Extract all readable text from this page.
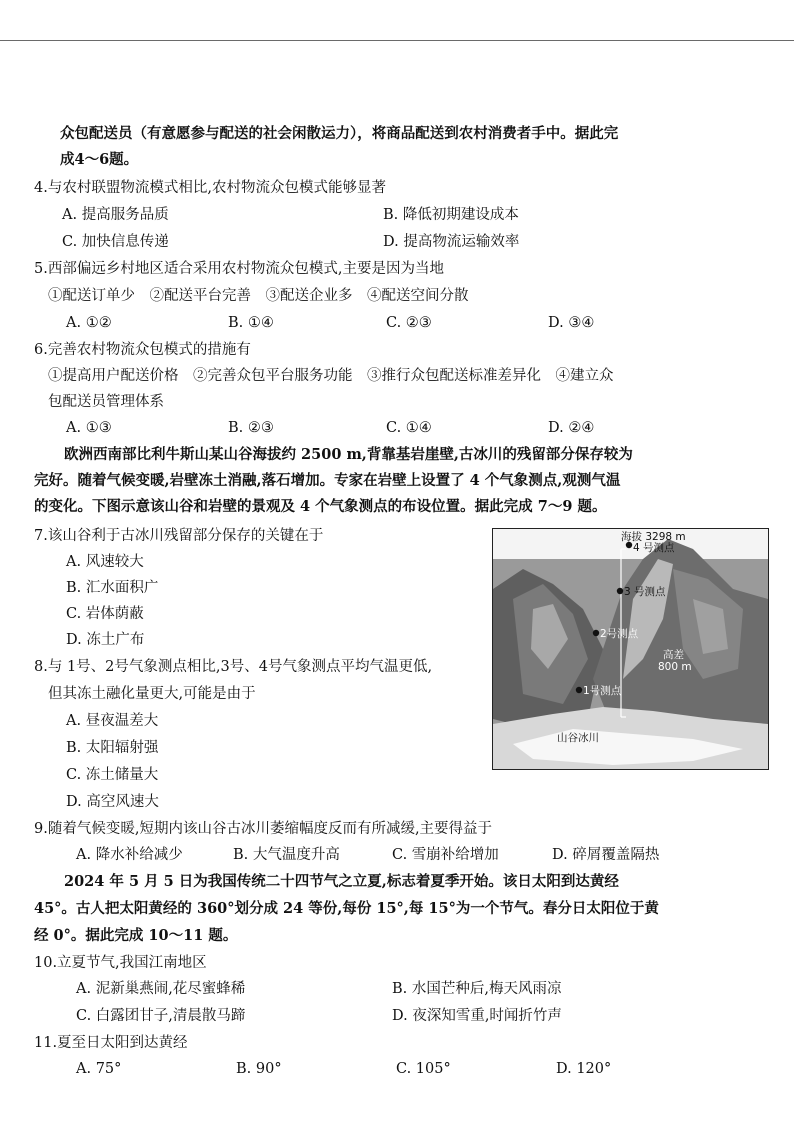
众包配送员（有意愿参与配送的社会闲散运力），将商品配送到农村消费者手中。据此完
成4～6题。
4.与农村联盟物流模式相比,农村物流众包模式能够显著
A. 提高服务品质	B. 降低初期建设成本
C. 加快信息传递	D. 提高物流运输效率
5.西部偏远乡村地区适合采用农村物流众包模式,主要是因为当地
①配送订单少　②配送平台完善　③配送企业多　④配送空间分散
A. ①②	B. ①④	C. ②③	D. ③④
6.完善农村物流众包模式的措施有
①提高用户配送价格　②完善众包平台服务功能　③推行众包配送标准差异化　④建立众
包配送员管理体系
A. ①③	B. ②③	C. ①④	D. ②④
欧洲西南部比利牛斯山某山谷海拔约 2500 m,背靠基岩崖壁,古冰川的残留部分保存较为
完好。随着气候变暖,岩壁冻土消融,落石增加。专家在岩壁上设置了 4 个气象测点,观测气温
的变化。下图示意该山谷和岩壁的景观及 4 个气象测点的布设位置。据此完成 7～9 题。
7.该山谷利于古冰川残留部分保存的关键在于
A. 风速较大
B. 汇水面积广
C. 岩体荫蔽
D. 冻土广布
8.与 1号、2号气象测点相比,3号、4号气象测点平均气温更低,
但其冻土融化量更大,可能是由于
A. 昼夜温差大
B. 太阳辐射强
C. 冻土储量大
D. 高空风速大
海拔 3298 m
4 号测点
3 号测点
2号测点
1号测点
高差
800 m
山谷冰川
9.随着气候变暖,短期内该山谷古冰川萎缩幅度反而有所减缓,主要得益于
A. 降水补给减少	B. 大气温度升高	C. 雪崩补给增加	D. 碎屑覆盖隔热
2024 年 5 月 5 日为我国传统二十四节气之立夏,标志着夏季开始。该日太阳到达黄经
45°。古人把太阳黄经的 360°划分成 24 等份,每份 15°,每 15°为一个节气。春分日太阳位于黄
经 0°。据此完成 10～11 题。
10.立夏节气,我国江南地区
A. 泥新巢燕闹,花尽蜜蜂稀	B. 水国芒种后,梅天风雨凉
C. 白露团甘子,清晨散马蹄	D. 夜深知雪重,时闻折竹声
11.夏至日太阳到达黄经
A. 75°	B. 90°	C. 105°	D. 120°
